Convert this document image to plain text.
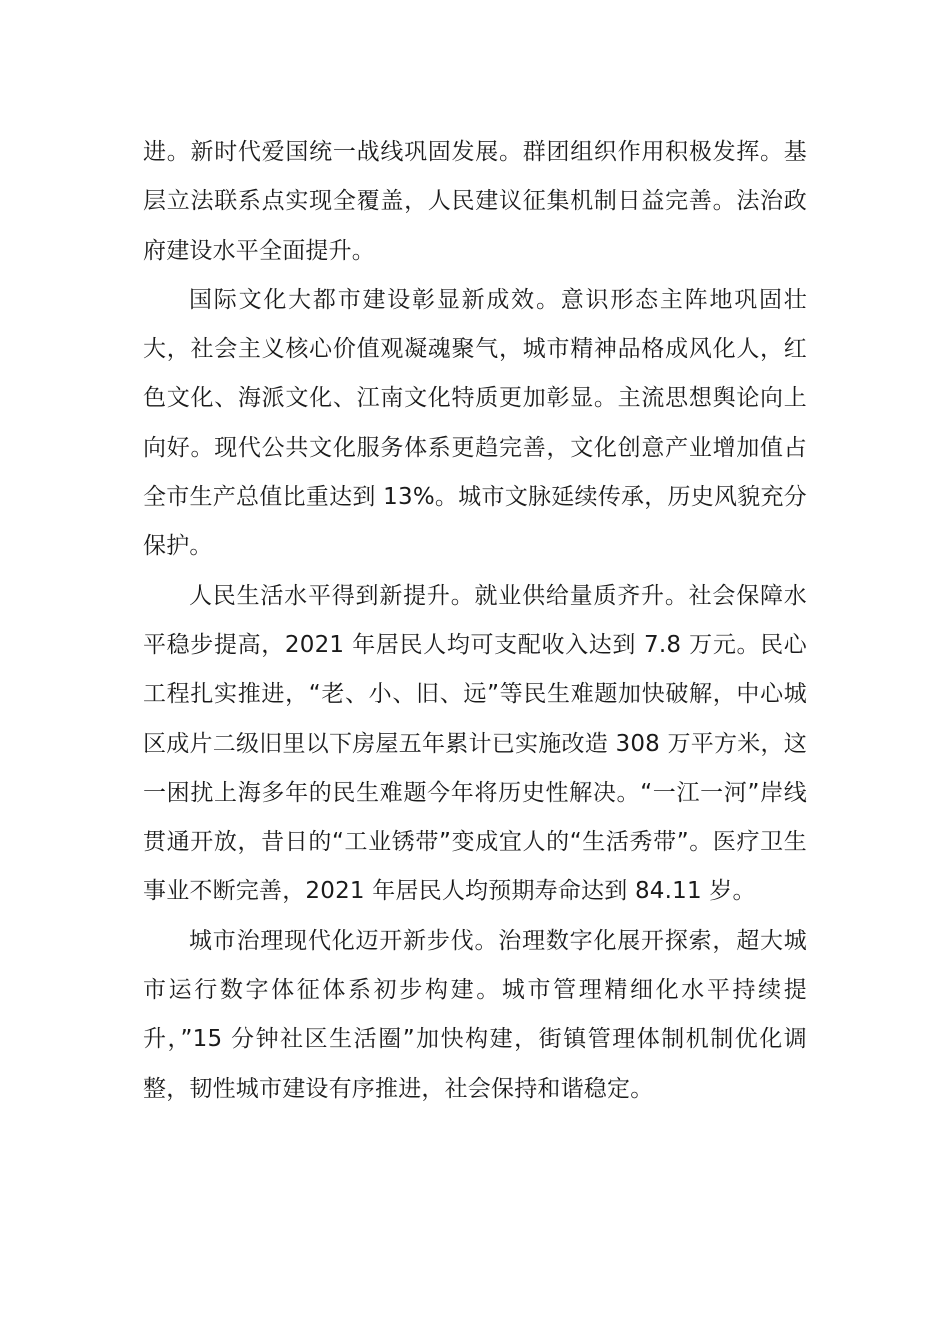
进。新时代爱国统一战线巩固发展。群团组织作用积极发挥。基层立法联系点实现全覆盖，人民建议征集机制日益完善。法治政府建设水平全面提升。

国际文化大都市建设彰显新成效。意识形态主阵地巩固壮大，社会主义核心价值观凝魂聚气，城市精神品格成风化人，红色文化、海派文化、江南文化特质更加彰显。主流思想舆论向上向好。现代公共文化服务体系更趋完善，文化创意产业增加值占全市生产总值比重达到 13%。城市文脉延续传承，历史风貌充分保护。

人民生活水平得到新提升。就业供给量质齐升。社会保障水平稳步提高，2021 年居民人均可支配收入达到 7.8 万元。民心工程扎实推进，“老、小、旧、远”等民生难题加快破解，中心城区成片二级旧里以下房屋五年累计已实施改造 308 万平方米，这一困扰上海多年的民生难题今年将历史性解决。“一江一河”岸线贯通开放，昔日的“工业锈带”变成宜人的“生活秀带”。医疗卫生事业不断完善，2021 年居民人均预期寿命达到 84.11 岁。

城市治理现代化迈开新步伐。治理数字化展开探索，超大城市运行数字体征体系初步构建。城市管理精细化水平持续提升，”15 分钟社区生活圈”加快构建，街镇管理体制机制优化调整，韧性城市建设有序推进，社会保持和谐稳定。
